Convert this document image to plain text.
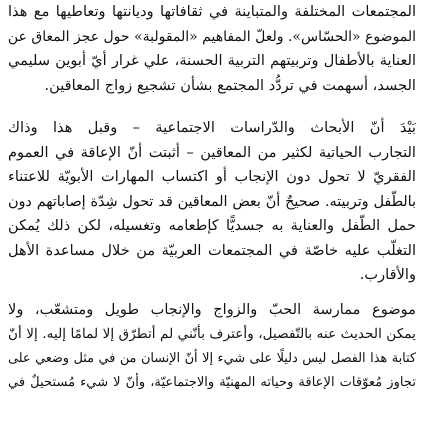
المجتمعات المختلفة والمتباينة في ثقافاتها وديانتها وتعاطيها مع هذا
الموضوع «الحسّاس». ولعلّ المفاهيم «المقولبة» حول عجز المعاق عن
العناية بالأطفال وتربيتهم التربية الحسنة، علي غرار أيّ أبوين سليمي
الجسد، أسهمت في تردُّد المجتمع بشأن تشجيع زواج المعاقين.
بَيْدَ أنّ الأبحاث والدّراسات الاجتماعية – وقبل هذا وذاك
التجارب الحياتية لكثير من المعاقين – أثبتت أنّ الإعاقة في العموم
الفقريّ لا تحول دون الإنجاب أو اكتساب المهارات الأبويّة للاعتناء
بالطّفل وتربيته. صحيحٌ أنّ بعض المعاقين قد تحول شِدّة إصاباتهم دون
حمل الطّفل والعناية به جسديًّا كإطعامه وتغسيله، لكن ذلك يُمكن
التغلّب عليه خاصّة في المجتمعات العربيّة من خلال مساعدة الأهل
والأقارب.
موضوع ممارسة الحبّ والزواج والإنجاب طويل ومتشعّب، ولا
يمكن الحديث عنه بالتّفصيل، وأعترف بأنّني لم أتطرّق إلا لمامًا إليه. إلا أنّ
كتابة هذا الفصل ليس دليلًا على شيء إلا أنّ الإنسان من في مثل وضعي على
تجاوز مُعوّقات الإعاقة وحياته المهنيّة والاجتماعيّة، وأنّ لا شيء مُستحيلٌ في
